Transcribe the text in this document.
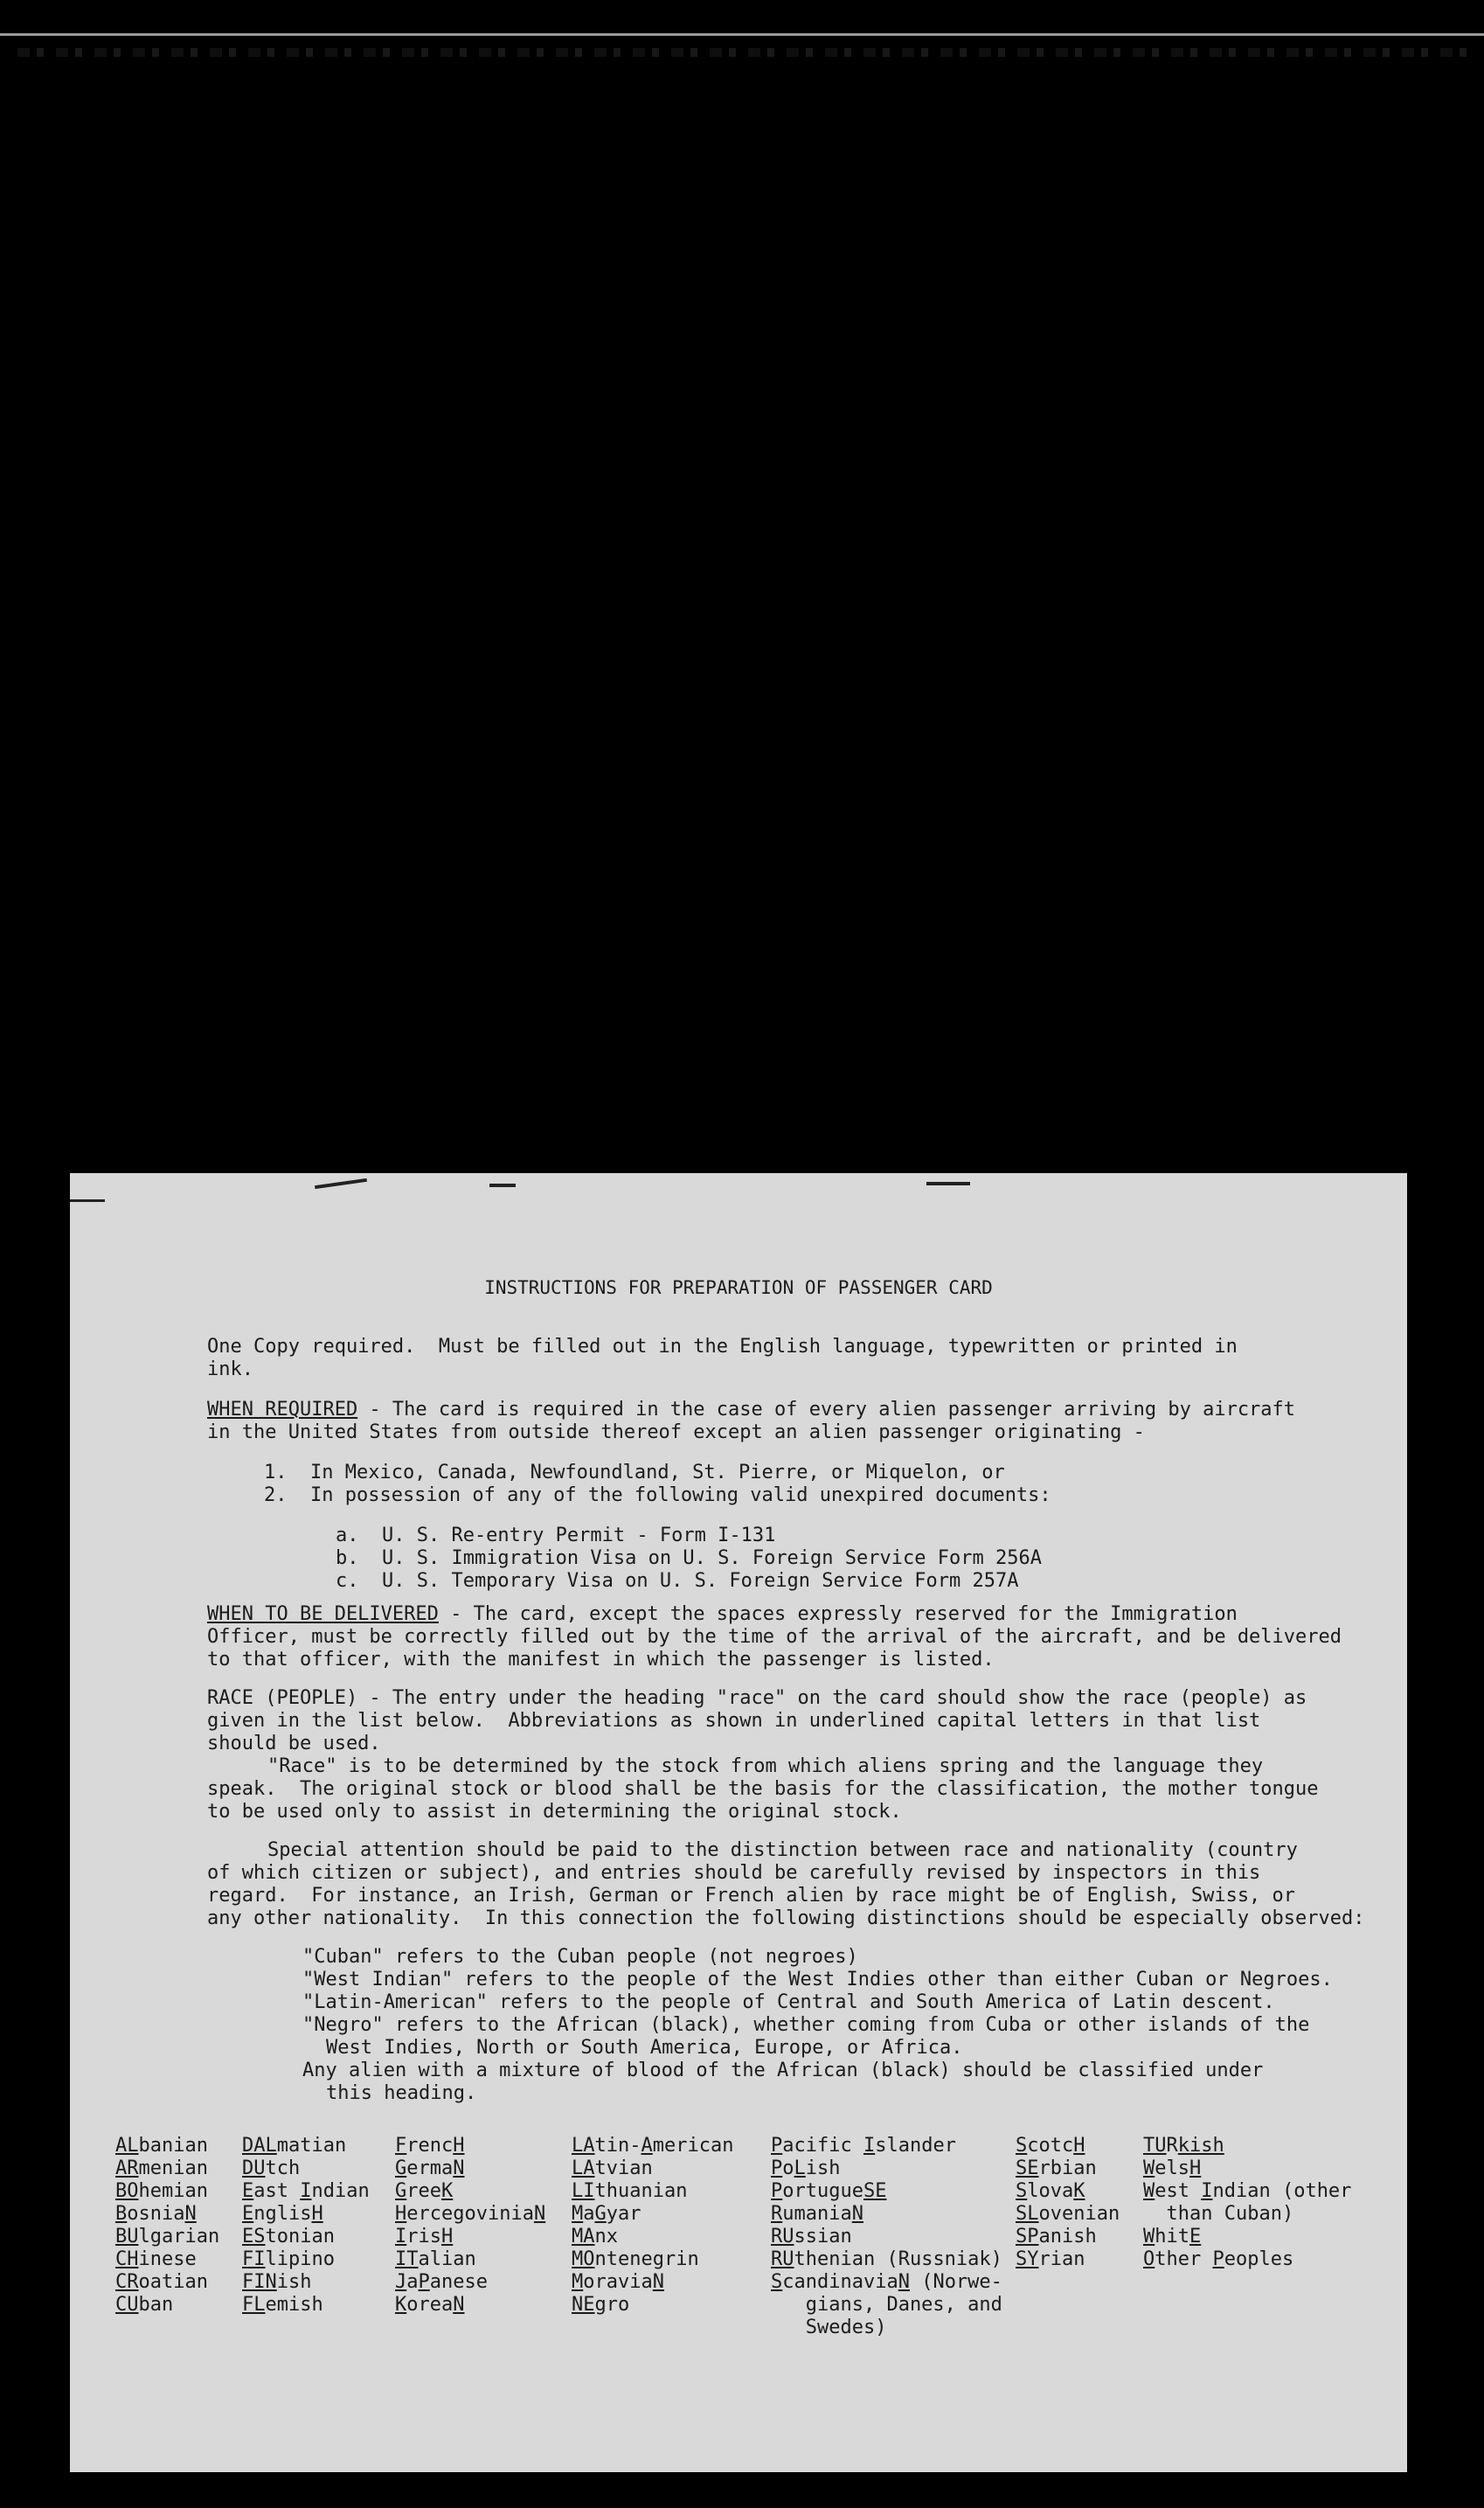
INSTRUCTIONS FOR PREPARATION OF PASSENGER CARD
One Copy required.  Must be filled out in the English language, typewritten or printed in
ink.
WHEN REQUIRED - The card is required in the case of every alien passenger arriving by aircraft
in the United States from outside thereof except an alien passenger originating -
1.  In Mexico, Canada, Newfoundland, St. Pierre, or Miquelon, or
2.  In possession of any of the following valid unexpired documents:
a.  U. S. Re-entry Permit - Form I-131
b.  U. S. Immigration Visa on U. S. Foreign Service Form 256A
c.  U. S. Temporary Visa on U. S. Foreign Service Form 257A
WHEN TO BE DELIVERED - The card, except the spaces expressly reserved for the Immigration
Officer, must be correctly filled out by the time of the arrival of the aircraft, and be delivered
to that officer, with the manifest in which the passenger is listed.
RACE (PEOPLE) - The entry under the heading "race" on the card should show the race (people) as
given in the list below.  Abbreviations as shown in underlined capital letters in that list
should be used.
"Race" is to be determined by the stock from which aliens spring and the language they
speak.  The original stock or blood shall be the basis for the classification, the mother tongue
to be used only to assist in determining the original stock.
Special attention should be paid to the distinction between race and nationality (country
of which citizen or subject), and entries should be carefully revised by inspectors in this
regard.  For instance, an Irish, German or French alien by race might be of English, Swiss, or
any other nationality.  In this connection the following distinctions should be especially observed:
"Cuban" refers to the Cuban people (not negroes)
"West Indian" refers to the people of the West Indies other than either Cuban or Negroes.
"Latin-American" refers to the people of Central and South America of Latin descent.
"Negro" refers to the African (black), whether coming from Cuba or other islands of the
West Indies, North or South America, Europe, or Africa.
Any alien with a mixture of blood of the African (black) should be classified under
this heading.
ALbanian
ARmenian
BOhemian
BosniaN
BUlgarian
CHinese
CRoatian
CUban
DALmatian
DUtch
East Indian
EnglisH
EStonian
FIlipino
FINish
FLemish
FrencH
GermaN
GreeK
HercegoviniaN
IrisH
ITalian
JaPanese
KoreaN
LAtin-American
LAtvian
LIthuanian
MaGyar
MAnx
MOntenegrin
MoraviaN
NEgro
Pacific Islander
PoLish
PortugueSE
RumaniaN
RUssian
RUthenian (Russniak)
ScandinaviaN (Norwe-
gians, Danes, and
Swedes)
ScotcH
SErbian
SlovaK
SLovenian
SPanish
SYrian
TURkish
WelsH
West Indian (other
than Cuban)
WhitE
Other Peoples
